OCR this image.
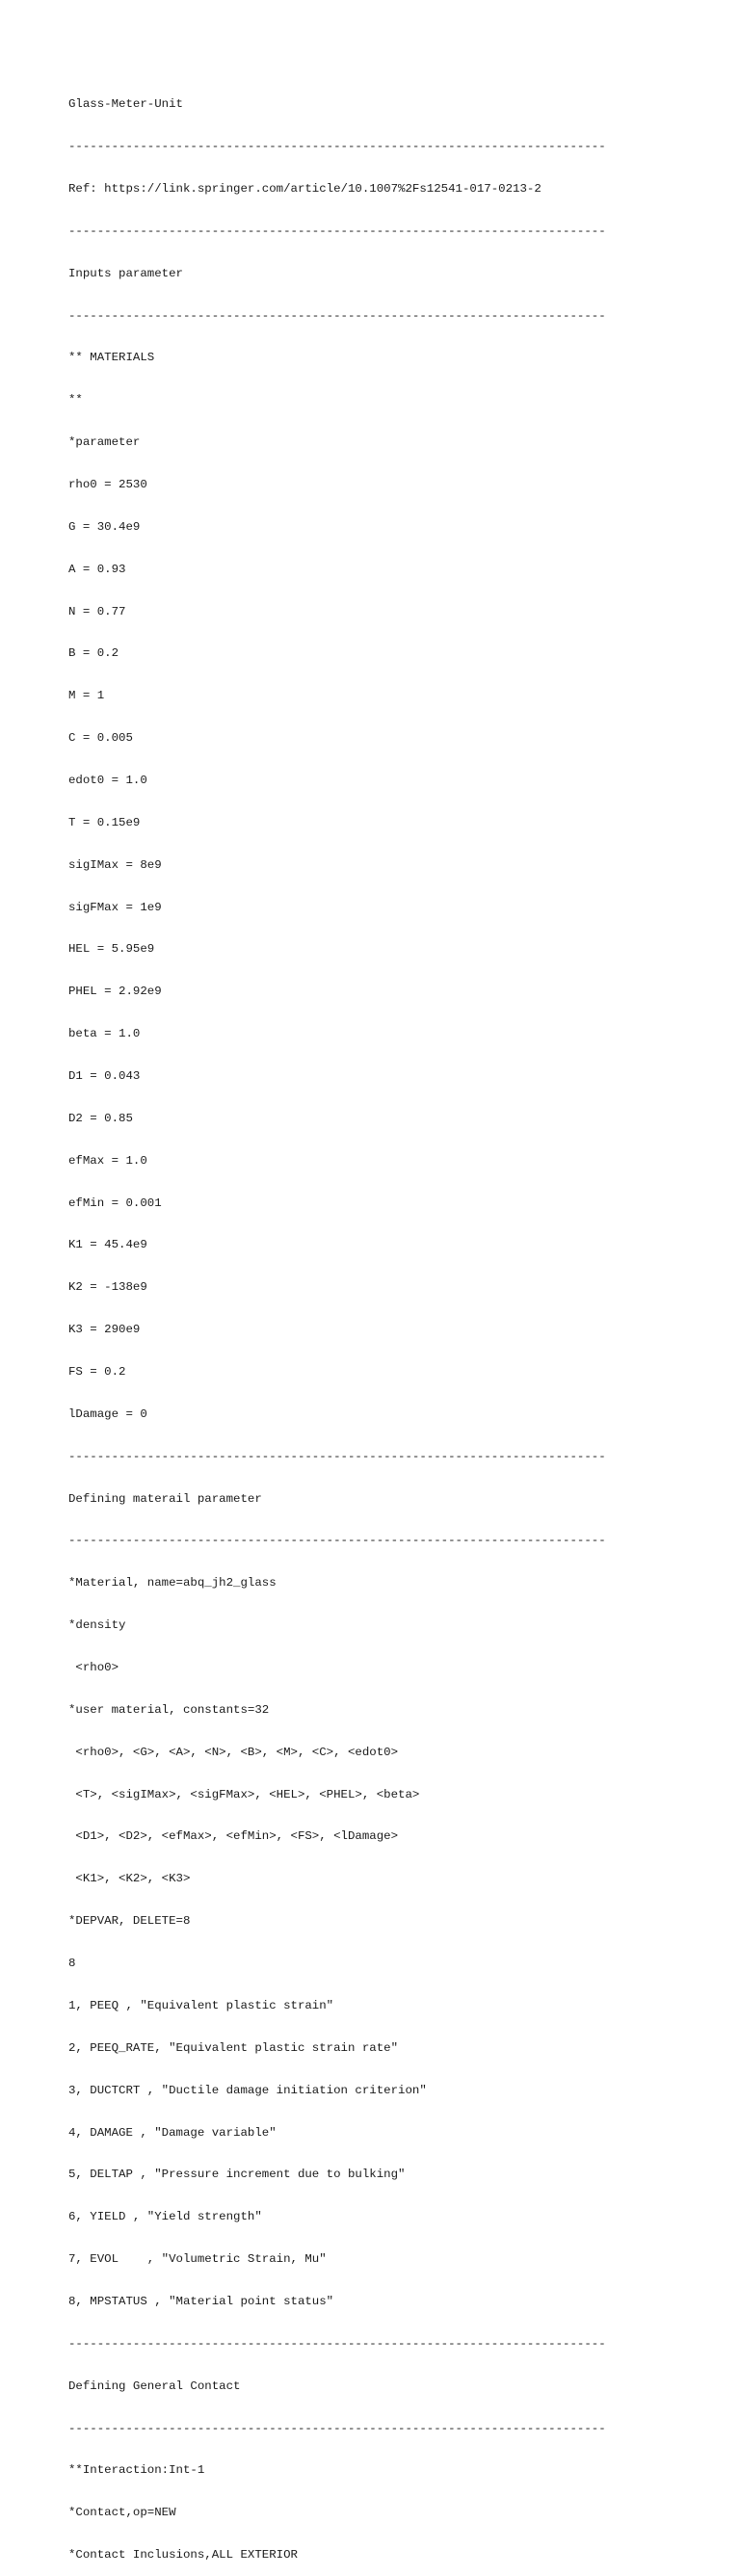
Glass-Meter-Unit

---------------------------------------------------------------------------

Ref: https://link.springer.com/article/10.1007%2Fs12541-017-0213-2

---------------------------------------------------------------------------

Inputs parameter

---------------------------------------------------------------------------

** MATERIALS

**

*parameter

rho0 = 2530

G = 30.4e9

A = 0.93

N = 0.77

B = 0.2

M = 1

C = 0.005

edot0 = 1.0

T = 0.15e9

sigIMax = 8e9

sigFMax = 1e9

HEL = 5.95e9

PHEL = 2.92e9

beta = 1.0

D1 = 0.043

D2 = 0.85

efMax = 1.0

efMin = 0.001

K1 = 45.4e9

K2 = -138e9

K3 = 290e9

FS = 0.2

lDamage = 0

---------------------------------------------------------------------------

Defining materail parameter

---------------------------------------------------------------------------

*Material, name=abq_jh2_glass

*density

<rho0>

*user material, constants=32

<rho0>, <G>, <A>, <N>, <B>, <M>, <C>, <edot0>

<T>, <sigIMax>, <sigFMax>, <HEL>, <PHEL>, <beta>

<D1>, <D2>, <efMax>, <efMin>, <FS>, <lDamage>

<K1>, <K2>, <K3>

*DEPVAR, DELETE=8

8

1, PEEQ , "Equivalent plastic strain"

2, PEEQ_RATE, "Equivalent plastic strain rate"

3, DUCTCRT , "Ductile damage initiation criterion"

4, DAMAGE , "Damage variable"

5, DELTAP , "Pressure increment due to bulking"

6, YIELD , "Yield strength"

7, EVOL    , "Volumetric Strain, Mu"

8, MPSTATUS , "Material point status"

---------------------------------------------------------------------------

Defining General Contact

---------------------------------------------------------------------------

**Interaction:Int-1

*Contact,op=NEW

*Contact Inclusions,ALL EXTERIOR
